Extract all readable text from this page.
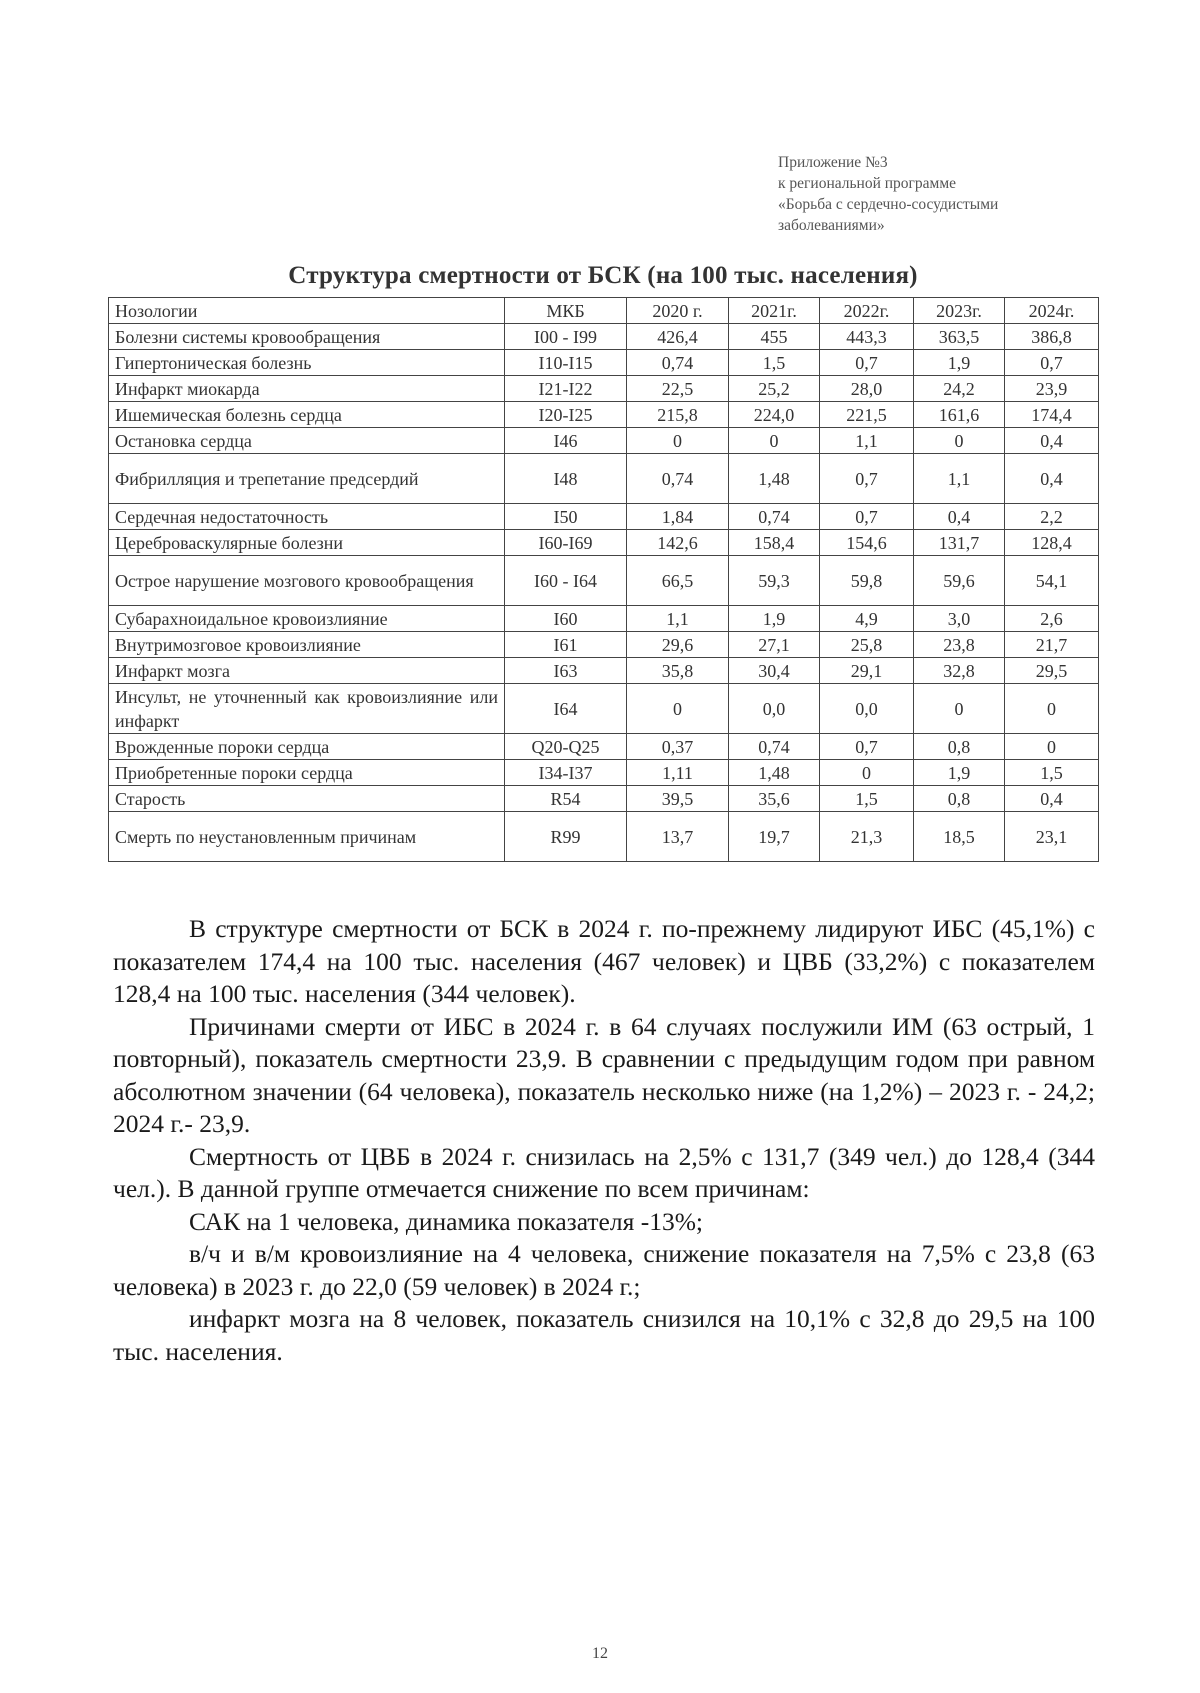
Приложение №3
к региональной программе
«Борьба с сердечно-сосудистыми
заболеваниями»
Структура смертности от БСК (на 100 тыс. населения)
Нозологии	МКБ	2020 г.	2021г.	2022г.	2023г.	2024г.
Болезни системы кровообращения	I00 - I99	426,4	455	443,3	363,5	386,8
Гипертоническая болезнь	I10-I15	0,74	1,5	0,7	1,9	0,7
Инфаркт миокарда	I21-I22	22,5	25,2	28,0	24,2	23,9
Ишемическая болезнь сердца	I20-I25	215,8	224,0	221,5	161,6	174,4
Остановка сердца	I46	0	0	1,1	0	0,4
Фибрилляция и трепетание предсердий	I48	0,74	1,48	0,7	1,1	0,4
Сердечная недостаточность	I50	1,84	0,74	0,7	0,4	2,2
Цереброваскулярные болезни	I60-I69	142,6	158,4	154,6	131,7	128,4
Острое нарушение мозгового кровообращения	I60 - I64	66,5	59,3	59,8	59,6	54,1
Субарахноидальное кровоизлияние	I60	1,1	1,9	4,9	3,0	2,6
Внутримозговое кровоизлияние	I61	29,6	27,1	25,8	23,8	21,7
Инфаркт мозга	I63	35,8	30,4	29,1	32,8	29,5
Инсульт, не уточненный как кровоизлияние или инфаркт	I64	0	0,0	0,0	0	0
Врожденные пороки сердца	Q20-Q25	0,37	0,74	0,7	0,8	0
Приобретенные пороки сердца	I34-I37	1,11	1,48	0	1,9	1,5
Старость	R54	39,5	35,6	1,5	0,8	0,4
Смерть по неустановленным причинам	R99	13,7	19,7	21,3	18,5	23,1

В структуре смертности от БСК в 2024 г. по-прежнему лидируют ИБС (45,1%) с показателем 174,4 на 100 тыс. населения (467 человек) и ЦВБ (33,2%) с показателем 128,4 на 100 тыс. населения (344 человек).

Причинами смерти от ИБС в 2024 г. в 64 случаях послужили ИМ (63 острый, 1 повторный), показатель смертности 23,9. В сравнении с предыдущим годом при равном абсолютном значении (64 человека), показатель несколько ниже (на 1,2%) – 2023 г. - 24,2; 2024 г.- 23,9.

Смертность от ЦВБ в 2024 г. снизилась на 2,5% с 131,7 (349 чел.) до 128,4 (344 чел.). В данной группе отмечается снижение по всем причинам:

САК на 1 человека, динамика показателя -13%;

в/ч и в/м кровоизлияние на 4 человека, снижение показателя на 7,5% с 23,8 (63 человека) в 2023 г. до 22,0 (59 человек) в 2024 г.;

инфаркт мозга на 8 человек, показатель снизился на 10,1% с 32,8 до 29,5 на 100 тыс. населения.

12
